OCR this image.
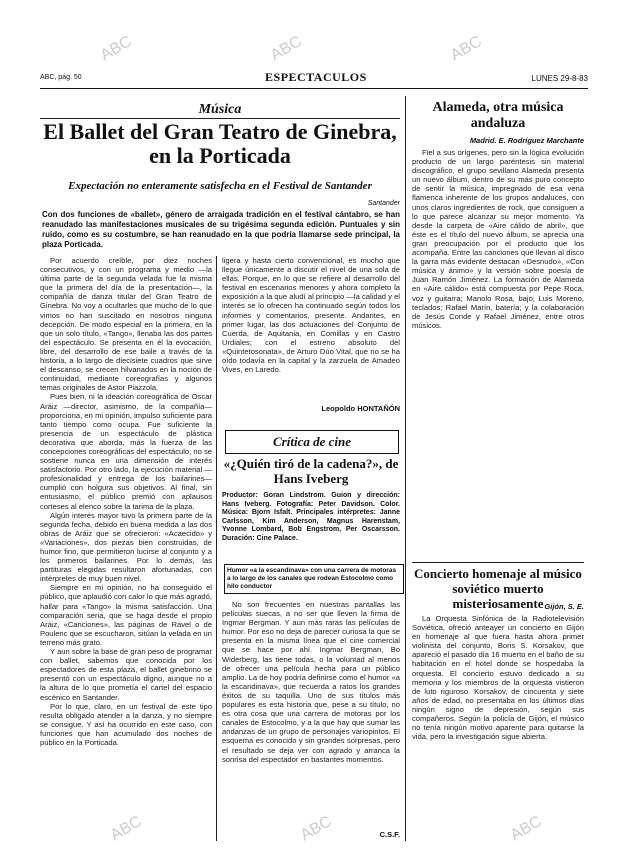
ABC	ABC	ABC
ABC	ABC	ABC
ABC, pág. 50	ESPECTACULOS	LUNES 29-8-83
Música
El Ballet del Gran Teatro de Ginebra, en la Porticada
Expectación no enteramente satisfecha en el Festival de Santander
Santander
Con dos funciones de «ballet», género de arraigada tradición en el festival cántabro, se han reanudado las manifestaciones musicales de su trigésima segunda edición. Puntuales y sin ruido, como es su costumbre, se han reanudado en la que podría llamarse sede principal, la plaza Porticada.

Por acuerdo creíble, por diez noches consecutivos, y con un programa y medio —la última parte de la segunda velada fue la misma que la primera del día de la presentación—, la compañía de danza titular del Gran Teatro de Ginebra. No voy a ocultarles que mucho de lo que vimos no han suscitado en nosotros ninguna decepción. De modo especial en la primera, en la que un solo título, «Tango», llenaba las dos partes del espectáculo. Se presenta en él la evocación, libre, del desarrollo de ese baile a través de la historia, a lo largo de diecisiete cuadros que sirve el descanso, se crecen hilvanados en la noción de continuidad, mediante coreografías y algunos temas originales de Astor Piazzola.

Pues bien, ni la ideación coreográfica de Oscar Aráiz —director, asimismo, de la compañía— proporciona, en mi opinión, impulso suficiente para tanto tiempo como ocupa. Fue suficiente la presencia de un espectáculo de plástica decorativa que aborda, más la fuerza de las concepciones coreográficas del espectáculo, no se sostiene nunca en una dimensión de interés satisfactorio. Por otro lado, la ejecución material —profesionalidad y entrega de los bailarines— cumplió con holgura sus objetivos. Al final, sin entusiasmo, el público premió con aplausos corteses al elenco sobre la tarima de la plaza.

Algún interés mayor tuvo la primera parte de la segunda fecha, debido en buena medida a las dos obras de Aráiz que se ofrecieron: «Acaecido» y «Variaciones», dos piezas bien construidas, de humor fino, que permitieron lucirse al conjunto y a los primeros bailarines. Por lo demás, las partituras elegidas resultaron afortunadas, con intérpretes de muy buen nivel.

Siempre en mi opinión, no ha conseguido el público, que aplaudió con calor lo que más agradó, hallar para «Tango» la misma satisfacción. Una comparación seria, que se haga desde el propio Aráiz, «Canciones», las páginas de Ravel o de Poulenc que se escucharon, sitúan la velada en un terreno más grato.

Y aun sobre la base de gran peso de programar con ballet, sabemos que conocida por los espectadores de esta plaza, el ballet ginebrino se presentó con un espectáculo digno, aunque no a la altura de lo que prometía el cartel del espacio escénico en Santander.

Por lo que, claro, en un festival de este tipo resulta obligado atender a la danza, y no siempre se consigue. Y así ha ocurrido en este caso, con funciones que han acumulado dos noches de público en la Porticada.

ligera y hasta cierto convencional, es mucho que llegue únicamente a discutir el nivel de una sola de ellas. Porque, en lo que se refiere al desarrollo del festival en escenarios menores y ahora completo la exposición a la que aludí al principio —la calidad y el interés se lo ofrecen ha continuado según todos los informes y comentarios, presente. Andantes, en primer lugar, las dos actuaciones del Conjunto de Cuerda, de Aquitania, en Comillas y en Castro Urdiales; con el estreno absoluto del «Quintetosonata», de Arturo Dúo Vital, que no se ha oído todavía en la capital y la zarzuela de Amadeo Vives, en Laredo.

Leopoldo HONTAÑÓN
Crítica de cine
«¿Quién tiró de la cadena?», de Hans Iveberg
Productor: Goran Lindstrom. Guion y dirección: Hans Iveberg. Fotografía: Peter Davidson. Color. Música: Bjorn Isfalt. Principales intérpretes: Janne Carlsson, Kim Anderson, Magnus Harenstam, Yvonne Lombard, Bob Engstrom, Per Oscarsson. Duración: Cine Palace.
Humor «a la escandinava» con una carrera de motoras a lo largo de los canales que rodean Estocolmo como hilo conductor

No son frecuentes en nuestras pantallas las películas suecas, a no ser que lleven la firma de Ingmar Bergman. Y aun más raras las películas de humor. Por eso no deja de parecer curiosa la que se presenta en la misma línea que el cine comercial que se hace por ahí. Ingmar Bergman, Bo Widerberg, las tiene todas, o la voluntad al menos de ofrecer una película hecha para un público amplio. La de hoy podría definirse como el humor «a la escandinava», que recuerda a ratos los grandes éxitos de su taquilla. Uno de sus títulos más populares es esta historia que, pese a su título, no es otra cosa que una carrera de motoras por los canales de Estocolmo, y a la que hay que sumar las andanzas de un grupo de personajes variopintos. El esquema es conocido y sin grandes sorpresas, pero el resultado se deja ver con agrado y arranca la sonrisa del espectador en bastantes momentos.

C.S.F.
Alameda, otra música andaluza
Madrid. E. Rodríguez Marchante

Fiel a sus orígenes, pero sin la lógica evolución producto de un largo paréntesis sin material discográfico, el grupo sevillano Alameda presenta un nuevo álbum, dentro de su más puro concepto de sentir la música, impregnado de esa vena flamenca inherente de los grupos andaluces, con unos claros ingredientes de rock, que consiguen a lo que parece alcanzar su mejor momento. Ya desde la carpeta de «Aire cálido de abril», que éste es el título del nuevo álbum, se aprecia una gran preocupación por el producto que los acompaña. Entre las canciones que llevan al disco la garra más evidente destacan «Desnudo», «Con música y ánimo» y la versión sobre poesía de Juan Ramón Jiménez. La formación de Alameda en «Aire cálido» está compuesta por Pepe Roca, voz y guitarra; Manolo Rosa, bajo; Luis Moreno, teclados; Rafael Marín, batería; y la colaboración de Jesús Conde y Rafael Jiménez, entre otros músicos.

Concierto homenaje al músico soviético muerto misteriosamente Gijón, S. E.

La Orquesta Sinfónica de la Radiotelevisión Soviética, ofreció anteayer un concierto en Gijón en homenaje al que fuera hasta ahora primer violinista del conjunto, Boris S. Korsakov, que apareció el pasado día 16 muerto en el baño de su habitación en el hotel donde se hospedaba la orquesta. El concierto estuvo dedicado a su memoria y los miembros de la orquesta vistieron de luto riguroso. Korsakov, de cincuenta y siete años de edad, no presentaba en los últimos días ningún signo de depresión, según sus compañeros. Según la policía de Gijón, el músico no tenía ningún motivo aparente para quitarse la vida, pero la investigación sigue abierta.
